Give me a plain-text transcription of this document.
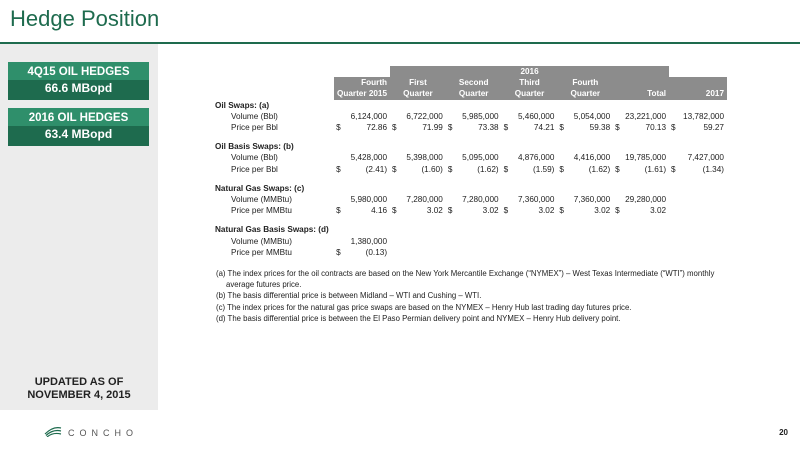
Hedge Position
4Q15 OIL HEDGES
66.6 MBopd
2016 OIL HEDGES
63.4 MBopd
UPDATED AS OF
NOVEMBER 4, 2015
			2016											
	Fourth		First		Second		Third		Fourth					
	Quarter 2015		Quarter		Quarter		Quarter		Quarter		Total		2017	
Oil Swaps: (a)														
Volume (Bbl)		6,124,000		6,722,000		5,985,000		5,460,000		5,054,000		23,221,000		13,782,000
Price per Bbl	$	72.86	$	71.99	$	73.38	$	74.21	$	59.38	$	70.13	$	59.27

Oil Basis Swaps: (b)														
Volume (Bbl)		5,428,000		5,398,000		5,095,000		4,876,000		4,416,000		19,785,000		7,427,000
Price per Bbl	$	(2.41)	$	(1.60)	$	(1.62)	$	(1.59)	$	(1.62)	$	(1.61)	$	(1.34)

Natural Gas Swaps: (c)														
Volume (MMBtu)		5,980,000		7,280,000		7,280,000		7,360,000		7,360,000		29,280,000		
Price per MMBtu	$	4.16	$	3.02	$	3.02	$	3.02	$	3.02	$	3.02		

Natural Gas Basis Swaps: (d)														
Volume (MMBtu)		1,380,000												
Price per MMBtu	$	(0.13)												
(a) The index prices for the oil contracts are based on the New York Mercantile Exchange (“NYMEX”) – West Texas Intermediate (“WTI”) monthly average futures price.
(b) The basis differential price is between Midland – WTI and Cushing – WTI.
(c) The index prices for the natural gas price swaps are based on the NYMEX – Henry Hub last trading day futures price.
(d) The basis differential price is between the El Paso Permian delivery point and NYMEX – Henry Hub delivery point.
CONCHO	20
